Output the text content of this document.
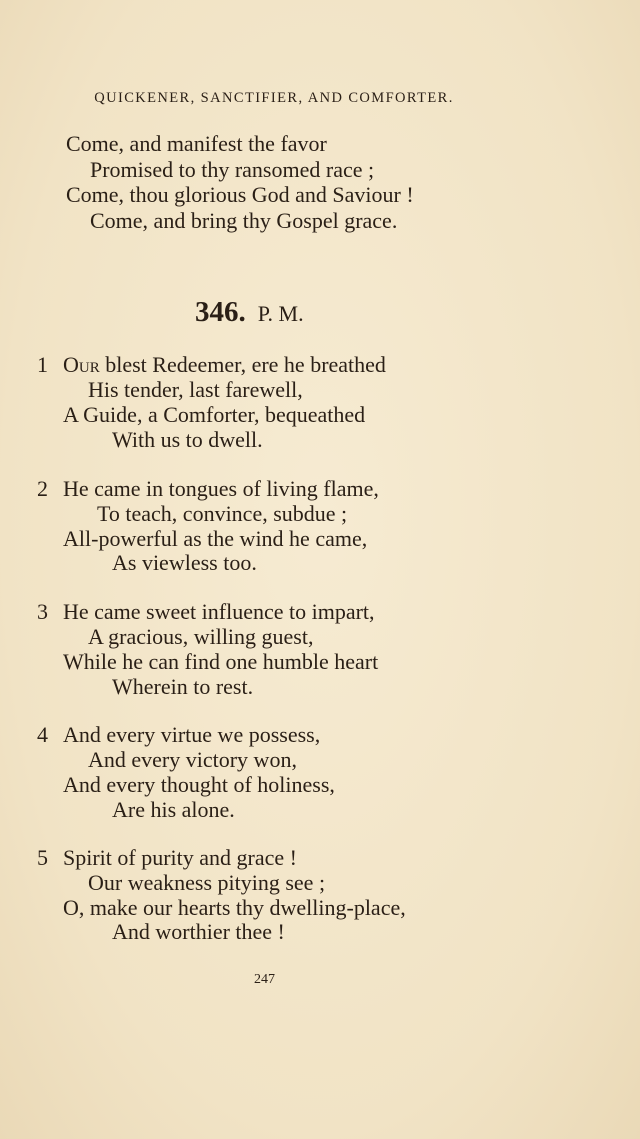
QUICKENER, SANCTIFIER, AND COMFORTER.
Come, and manifest the favor
Promised to thy ransomed race ;
Come, thou glorious God and Saviour !
Come, and bring thy Gospel grace.
346. P. M.
1 Our blest Redeemer, ere he breathed
His tender, last farewell,
A Guide, a Comforter, bequeathed
With us to dwell.
2 He came in tongues of living flame,
To teach, convince, subdue ;
All-powerful as the wind he came,
As viewless too.
3 He came sweet influence to impart,
A gracious, willing guest,
While he can find one humble heart
Wherein to rest.
4 And every virtue we possess,
And every victory won,
And every thought of holiness,
Are his alone.
5 Spirit of purity and grace !
Our weakness pitying see ;
O, make our hearts thy dwelling-place,
And worthier thee !
247
